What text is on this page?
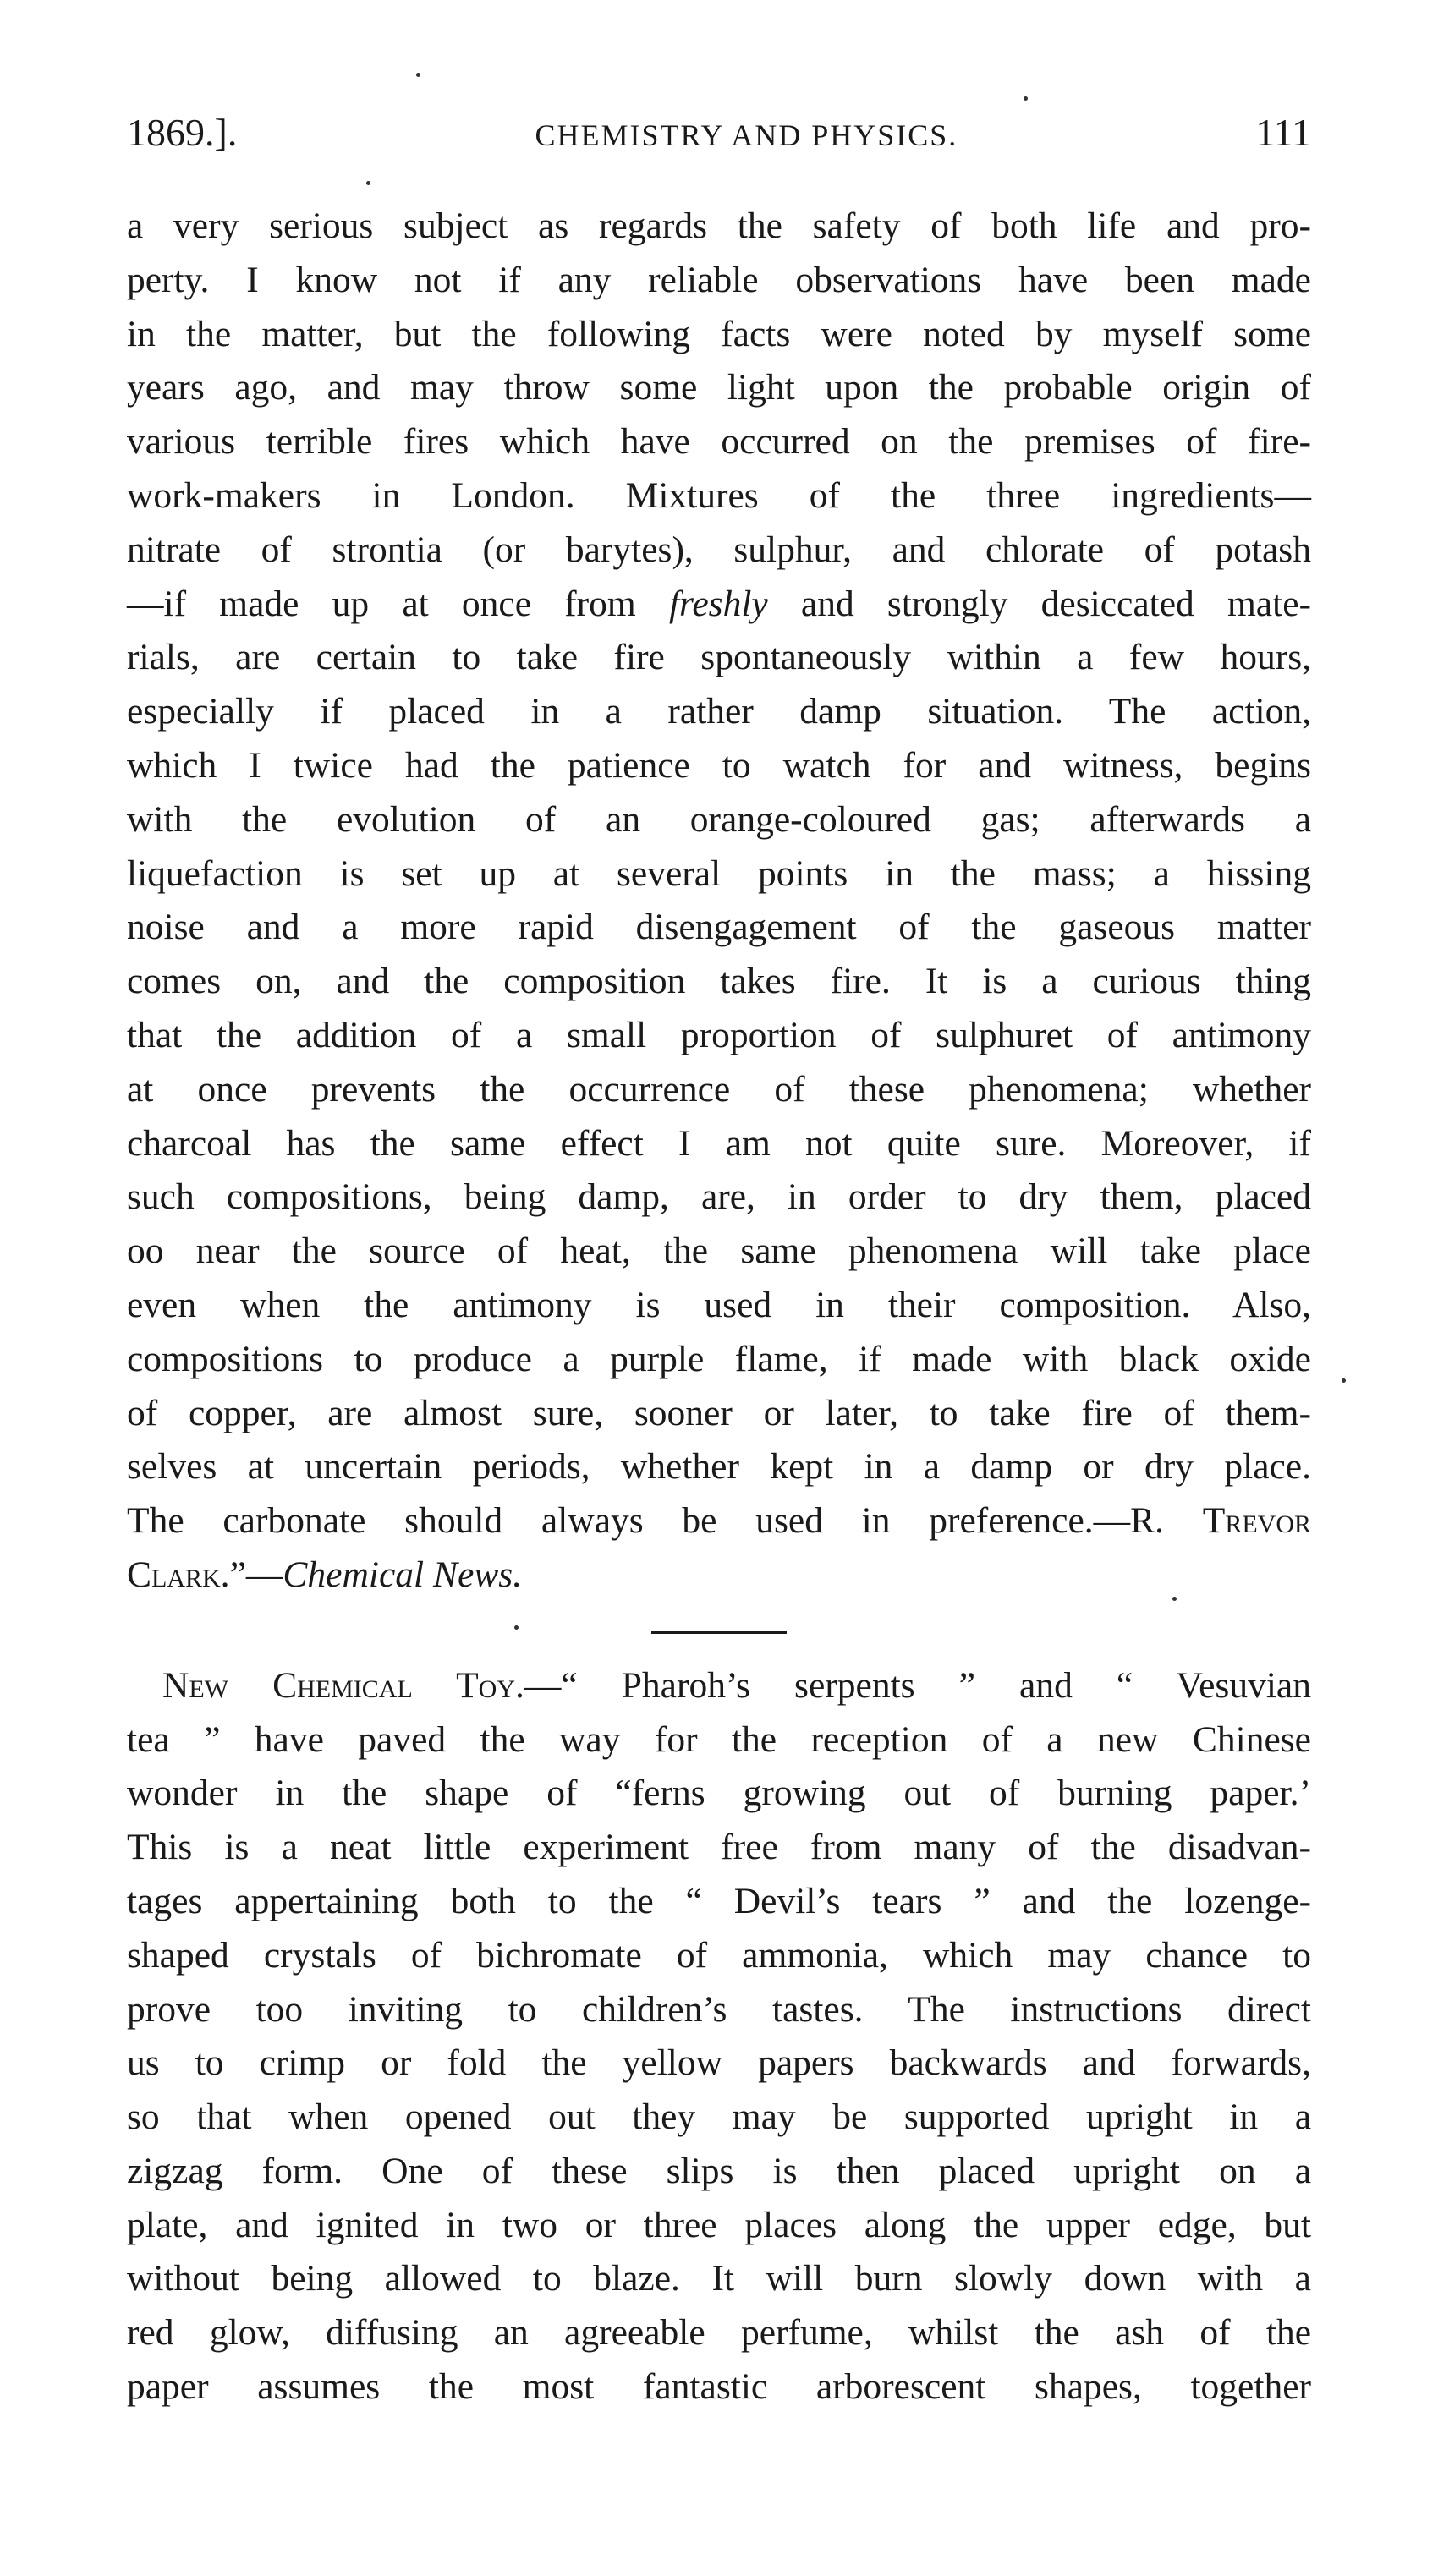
1869.].	CHEMISTRY AND PHYSICS.	111
a very serious subject as regards the safety of both life and pro-
perty. I know not if any reliable observations have been made
in the matter, but the following facts were noted by myself some
years ago, and may throw some light upon the probable origin of
various terrible fires which have occurred on the premises of fire-
work-makers in London. Mixtures of the three ingredients—
nitrate of strontia (or barytes), sulphur, and chlorate of potash
—if made up at once from freshly and strongly desiccated mate-
rials, are certain to take fire spontaneously within a few hours,
especially if placed in a rather damp situation. The action,
which I twice had the patience to watch for and witness, begins
with the evolution of an orange-coloured gas; afterwards a
liquefaction is set up at several points in the mass; a hissing
noise and a more rapid disengagement of the gaseous matter
comes on, and the composition takes fire. It is a curious thing
that the addition of a small proportion of sulphuret of antimony
at once prevents the occurrence of these phenomena; whether
charcoal has the same effect I am not quite sure. Moreover, if
such compositions, being damp, are, in order to dry them, placed
oo near the source of heat, the same phenomena will take place
even when the antimony is used in their composition. Also,
compositions to produce a purple flame, if made with black oxide
of copper, are almost sure, sooner or later, to take fire of them-
selves at uncertain periods, whether kept in a damp or dry place.
The carbonate should always be used in preference.—R. Trevor
Clark.”—Chemical News.
New Chemical Toy.—“ Pharoh’s serpents ” and “ Vesuvian
tea ” have paved the way for the reception of a new Chinese
wonder in the shape of “ferns growing out of burning paper.’
This is a neat little experiment free from many of the disadvan-
tages appertaining both to the “ Devil’s tears ” and the lozenge-
shaped crystals of bichromate of ammonia, which may chance to
prove too inviting to children’s tastes. The instructions direct
us to crimp or fold the yellow papers backwards and forwards,
so that when opened out they may be supported upright in a
zigzag form. One of these slips is then placed upright on a
plate, and ignited in two or three places along the upper edge, but
without being allowed to blaze. It will burn slowly down with a
red glow, diffusing an agreeable perfume, whilst the ash of the
paper assumes the most fantastic arborescent shapes, together
